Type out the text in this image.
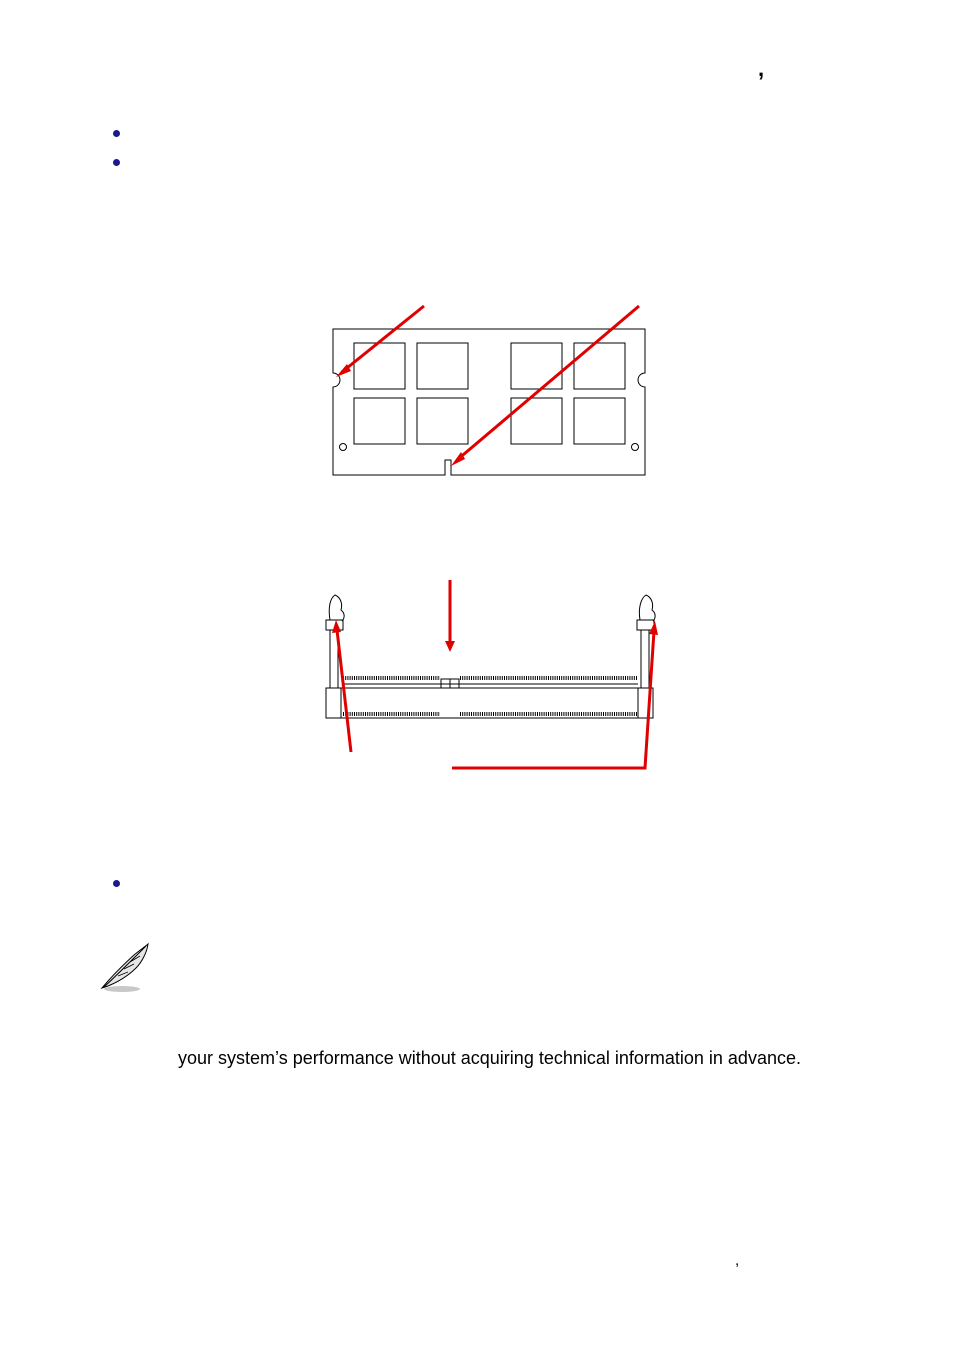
,
your system’s performance without acquiring technical information in advance.
,
